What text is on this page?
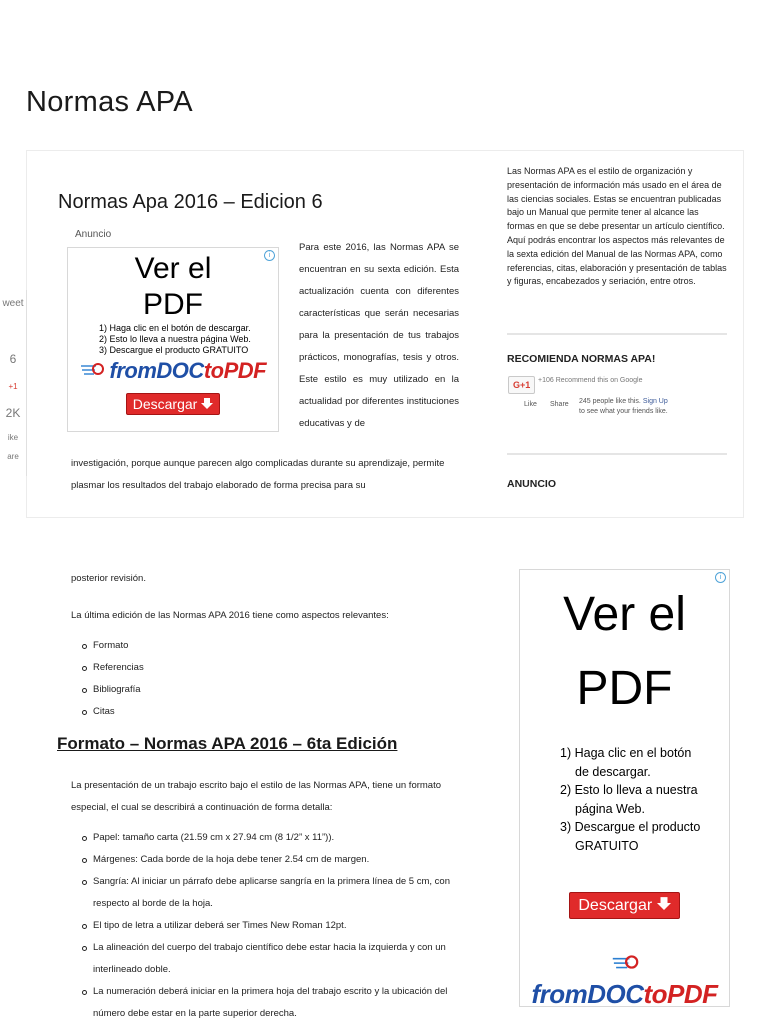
Normas APA
Normas Apa 2016 – Edicion 6
Anuncio
i
Ver el
PDF
1) Haga clic en el botón de descargar.
2) Esto lo lleva a nuestra página Web.
3) Descargue el producto GRATUITO
fromDOCtoPDF
Descargar
Para este 2016, las Normas APA se encuentran en su sexta edición. Esta actualización cuenta con diferentes características que serán necesarias para la presentación de tus trabajos prácticos, monografías, tesis y otros. Este estilo es muy utilizado en la actualidad por diferentes instituciones educativas y de
investigación, porque aunque parecen algo complicadas durante su aprendizaje, permite plasmar los resultados del trabajo elaborado de forma precisa para su
Las Normas APA es el estilo de organización y presentación de información más usado en el área de las ciencias sociales. Estas se encuentran publicadas bajo un Manual que permite tener al alcance las formas en que se debe presentar un artículo científico. Aquí podrás encontrar los aspectos más relevantes de la sexta edición del Manual de las Normas APA, como referencias, citas, elaboración y presentación de tablas y figuras, encabezados y seriación, entre otros.
RECOMIENDA NORMAS APA!
G+1	+106 Recommend this on Google
Like Share 245 people like this. Sign Up to see what your friends like.
ANUNCIO
weet
6
+1
2K
ike
are
posterior revisión.
La última edición de las Normas APA 2016 tiene como aspectos relevantes:
Formato
Referencias
Bibliografía
Citas
Formato – Normas APA 2016 – 6ta Edición
La presentación de un trabajo escrito bajo el estilo de las Normas APA, tiene un formato especial, el cual se describirá a continuación de forma detalla:
Papel: tamaño carta (21.59 cm x 27.94 cm (8 1/2” x 11”)).
Márgenes: Cada borde de la hoja debe tener 2.54 cm de margen.
Sangría: Al iniciar un párrafo debe aplicarse sangría en la primera línea de 5 cm, con respecto al borde de la hoja.
El tipo de letra a utilizar deberá ser Times New Roman 12pt.
La alineación del cuerpo del trabajo científico debe estar hacia la izquierda y con un interlineado doble.
La numeración deberá iniciar en la primera hoja del trabajo escrito y la ubicación del número debe estar en la parte superior derecha.
i
Ver el
PDF
1) Haga clic en el botón
de descargar.
2) Esto lo lleva a nuestra
página Web.
3) Descargue el producto
GRATUITO
Descargar
fromDOCtoPDF
